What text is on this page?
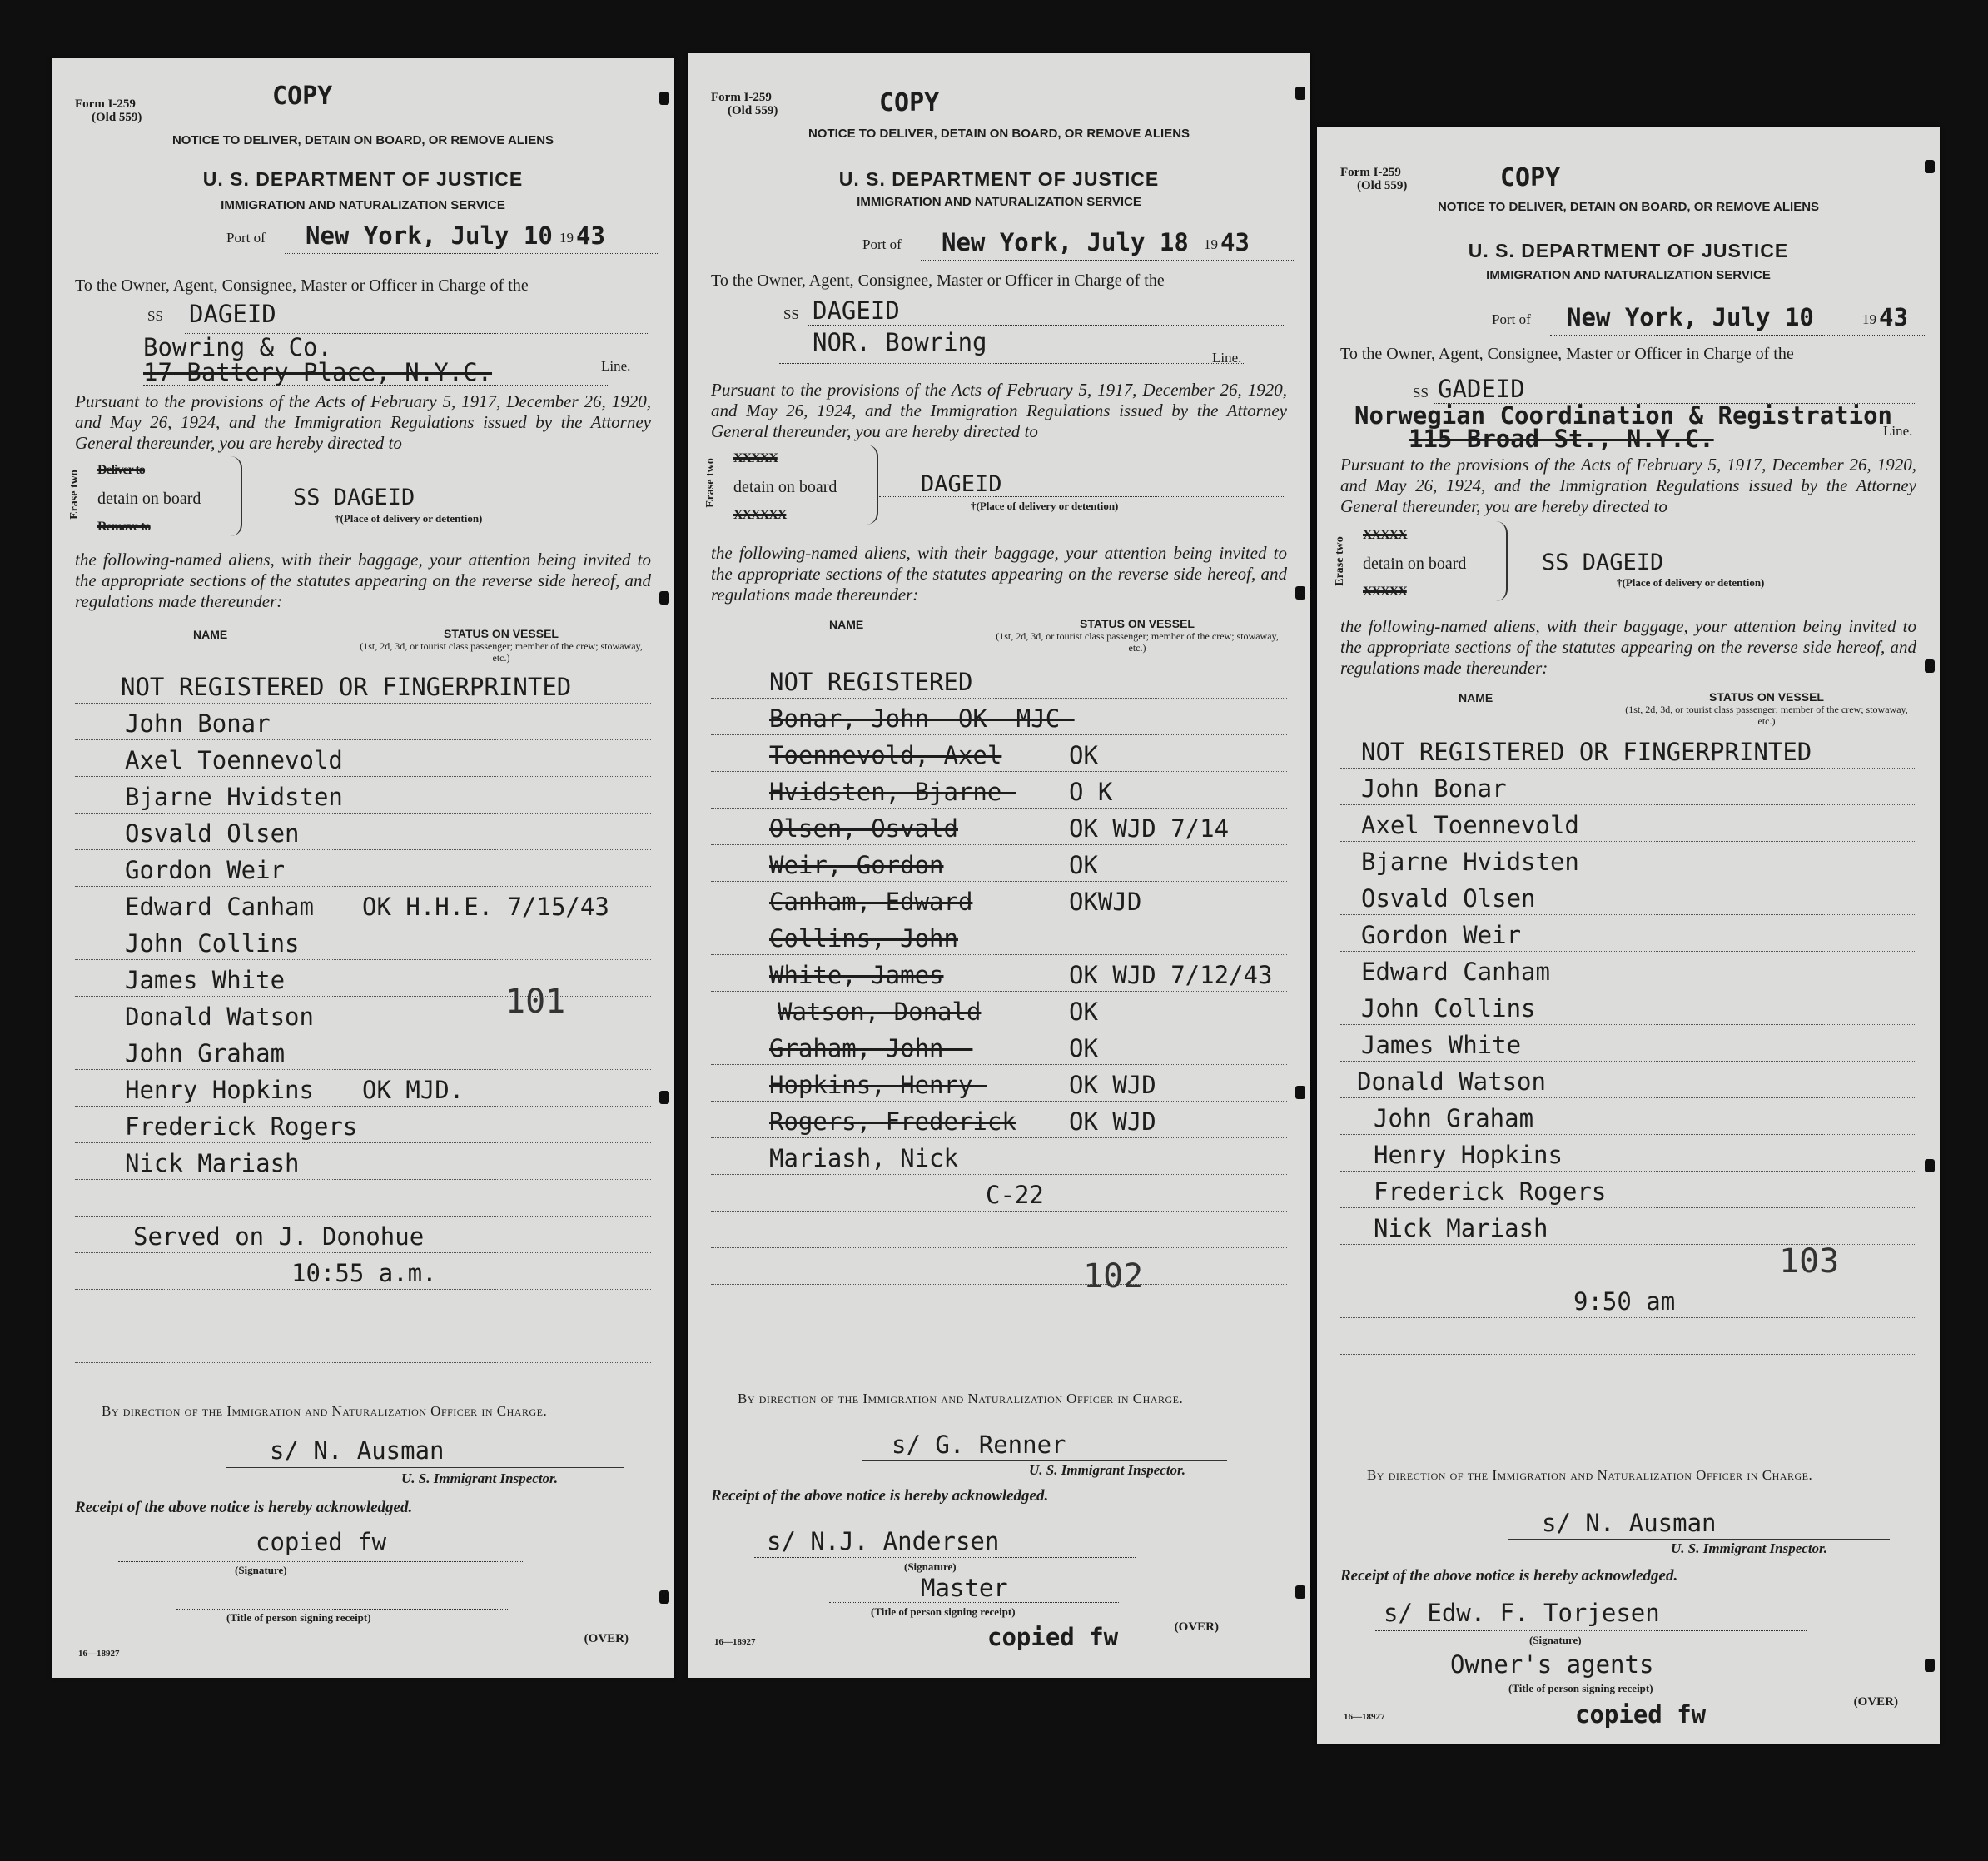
Form I-259
(Old 559)
COPY
NOTICE TO DELIVER, DETAIN ON BOARD, OR REMOVE ALIENS
U. S. DEPARTMENT OF JUSTICE
IMMIGRATION AND NATURALIZATION SERVICE
Port of New York, July 10 19 43
To the Owner, Agent, Consignee, Master or Officer in Charge of the
SS DAGEID
Bowring & Co.
17 Battery Place, N.Y.C.	Line.
Pursuant to the provisions of the Acts of February 5, 1917, December 26, 1920, and May 26, 1924, and the Immigration Regulations issued by the Attorney General thereunder, you are hereby directed to
Erase two Deliver to
detain on board
Remove to
SS DAGEID
†(Place of delivery or detention)
the following-named aliens, with their baggage, your attention being invited to the appropriate sections of the statutes appearing on the reverse side hereof, and regulations made thereunder:
NAME	STATUS ON VESSEL
(1st, 2d, 3d, or tourist class passenger; member of the crew; stowaway, etc.)
NOT REGISTERED OR FINGERPRINTED
John Bonar
Axel Toennevold
Bjarne Hvidsten
Osvald Olsen
Gordon Weir
Edward Canham OK H.H.E. 7/15/43
John Collins
James White
Donald Watson
John Graham
Henry Hopkins OK MJD.
Frederick Rogers
Nick Mariash
Served on J. Donohue
10:55 a.m.
101
By direction of the Immigration and Naturalization Officer in Charge.
s/ N. Ausman
U. S. Immigrant Inspector.
Receipt of the above notice is hereby acknowledged.
copied fw
(Signature)
(Title of person signing receipt)
16—18927
(OVER)
Form I-259
(Old 559)	COPY
NOTICE TO DELIVER, DETAIN ON BOARD, OR REMOVE ALIENS
U. S. DEPARTMENT OF JUSTICE
IMMIGRATION AND NATURALIZATION SERVICE
Port of New York, July 18 19 43
To the Owner, Agent, Consignee, Master or Officer in Charge of the
SS DAGEID
NOR. Bowring
Line.
Pursuant to the provisions of the Acts of February 5, 1917, December 26, 1920, and May 26, 1924, and the Immigration Regulations issued by the Attorney General thereunder, you are hereby directed to
Erase two XXXXX
detain on board
XXXXXX
DAGEID
†(Place of delivery or detention)
the following-named aliens, with their baggage, your attention being invited to the appropriate sections of the statutes appearing on the reverse side hereof, and regulations made thereunder:
NAME	STATUS ON VESSEL
(1st, 2d, 3d, or tourist class passenger; member of the crew; stowaway, etc.)
NOT REGISTERED
Bonar, John -OK -MJC-
Toennevold, Axel	OK
Hvidsten, Bjarne- O K
Olsen, Osvald	OK WJD 7/14
Weir, Gordon	OK
Canham, Edward	OKWJD
Collins, John
White, James	OK WJD 7/12/43
Watson, Donald	OK
Graham, John -	OK
Hopkins, Henry-	OK WJD
Rogers, Frederick OK WJD
Mariash, Nick
C-22
102
By direction of the Immigration and Naturalization Officer in Charge.
s/ G. Renner
U. S. Immigrant Inspector.
Receipt of the above notice is hereby acknowledged.
s/ N.J. Andersen
(Signature)
Master
(Title of person signing receipt)
copied fw
16—18927
(OVER)
Form I-259
(Old 559)	COPY
NOTICE TO DELIVER, DETAIN ON BOARD, OR REMOVE ALIENS
U. S. DEPARTMENT OF JUSTICE
IMMIGRATION AND NATURALIZATION SERVICE
Port of New York, July 10	19 43
To the Owner, Agent, Consignee, Master or Officer in Charge of the
SS GADEID
Norwegian Coordination & Registration
115 Broad St., N.Y.C.	Line.
Pursuant to the provisions of the Acts of February 5, 1917, December 26, 1920, and May 26, 1924, and the Immigration Regulations issued by the Attorney General thereunder, you are hereby directed to
Erase two
XXXXX
detain on board
XXXXX
SS DAGEID
†(Place of delivery or detention)
the following-named aliens, with their baggage, your attention being invited to the appropriate sections of the statutes appearing on the reverse side hereof, and regulations made thereunder:
NAME	STATUS ON VESSEL
(1st, 2d, 3d, or tourist class passenger; member of the crew; stowaway, etc.)
NOT REGISTERED OR FINGERPRINTED
John Bonar
Axel Toennevold
Bjarne Hvidsten
Osvald Olsen
Gordon Weir
Edward Canham
John Collins
James White
Donald Watson
John Graham
Henry Hopkins
Frederick Rogers
Nick Mariash
9:50 am
103
By direction of the Immigration and Naturalization Officer in Charge.
s/ N. Ausman
U. S. Immigrant Inspector.
Receipt of the above notice is hereby acknowledged.
s/ Edw. F. Torjesen
(Signature)
Owner's agents
(Title of person signing receipt)
copied fw
16—18927
(OVER)
